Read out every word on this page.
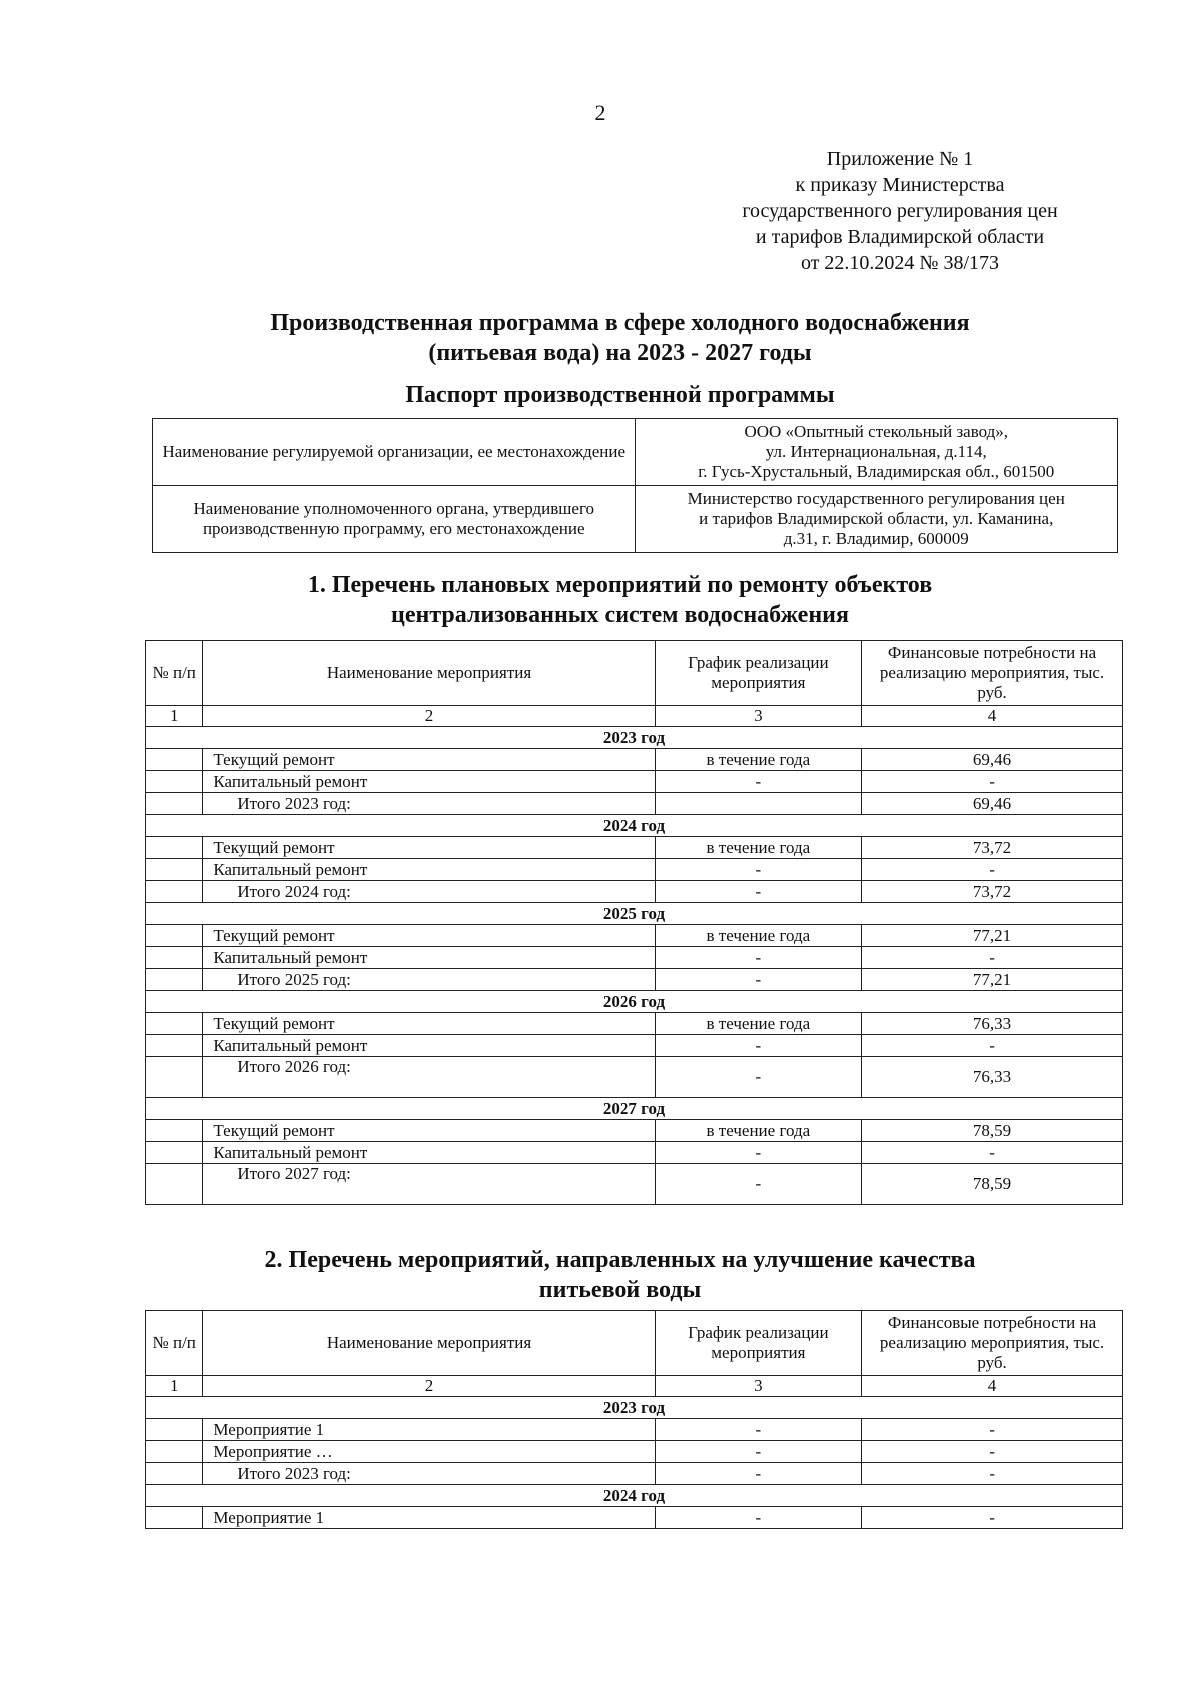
2
Приложение № 1
к приказу Министерства
государственного регулирования цен
и тарифов Владимирской области
от 22.10.2024 № 38/173
Производственная программа в сфере холодного водоснабжения
(питьевая вода) на 2023 - 2027 годы
Паспорт производственной программы
Наименование регулируемой организации, ее местонахождение	ООО «Опытный стекольный завод»,
ул. Интернациональная, д.114,
г. Гусь-Хрустальный, Владимирская обл., 601500

Наименование уполномоченного органа, утвердившего производственную программу, его местонахождение	Министерство государственного регулирования цен
и тарифов Владимирской области, ул. Каманина,
д.31, г. Владимир, 600009
1. Перечень плановых мероприятий по ремонту объектов
централизованных систем водоснабжения
№ п/п	Наименование мероприятия	График реализации мероприятия	Финансовые потребности на реализацию мероприятия, тыс. руб.
1	2	3	4
2023 год			
	Текущий ремонт	в течение года	69,46
	Капитальный ремонт	-	-
	Итого 2023 год:		69,46
2024 год			
	Текущий ремонт	в течение года	73,72
	Капитальный ремонт	-	-
	Итого 2024 год:	-	73,72
2025 год			
	Текущий ремонт	в течение года	77,21
	Капитальный ремонт	-	-
	Итого 2025 год:	-	77,21
2026 год			
	Текущий ремонт	в течение года	76,33
	Капитальный ремонт	-	-
	Итого 2026 год:	-	76,33
2027 год			
	Текущий ремонт	в течение года	78,59
	Капитальный ремонт	-	-
	Итого 2027 год:	-	78,59
2. Перечень мероприятий, направленных на улучшение качества
питьевой воды
№ п/п	Наименование мероприятия	График реализации мероприятия	Финансовые потребности на реализацию мероприятия, тыс. руб.
1	2	3	4
2023 год			
	Мероприятие 1	-	-
	Мероприятие …	-	-
	Итого 2023 год:	-	-
2024 год			
	Мероприятие 1	-	-
